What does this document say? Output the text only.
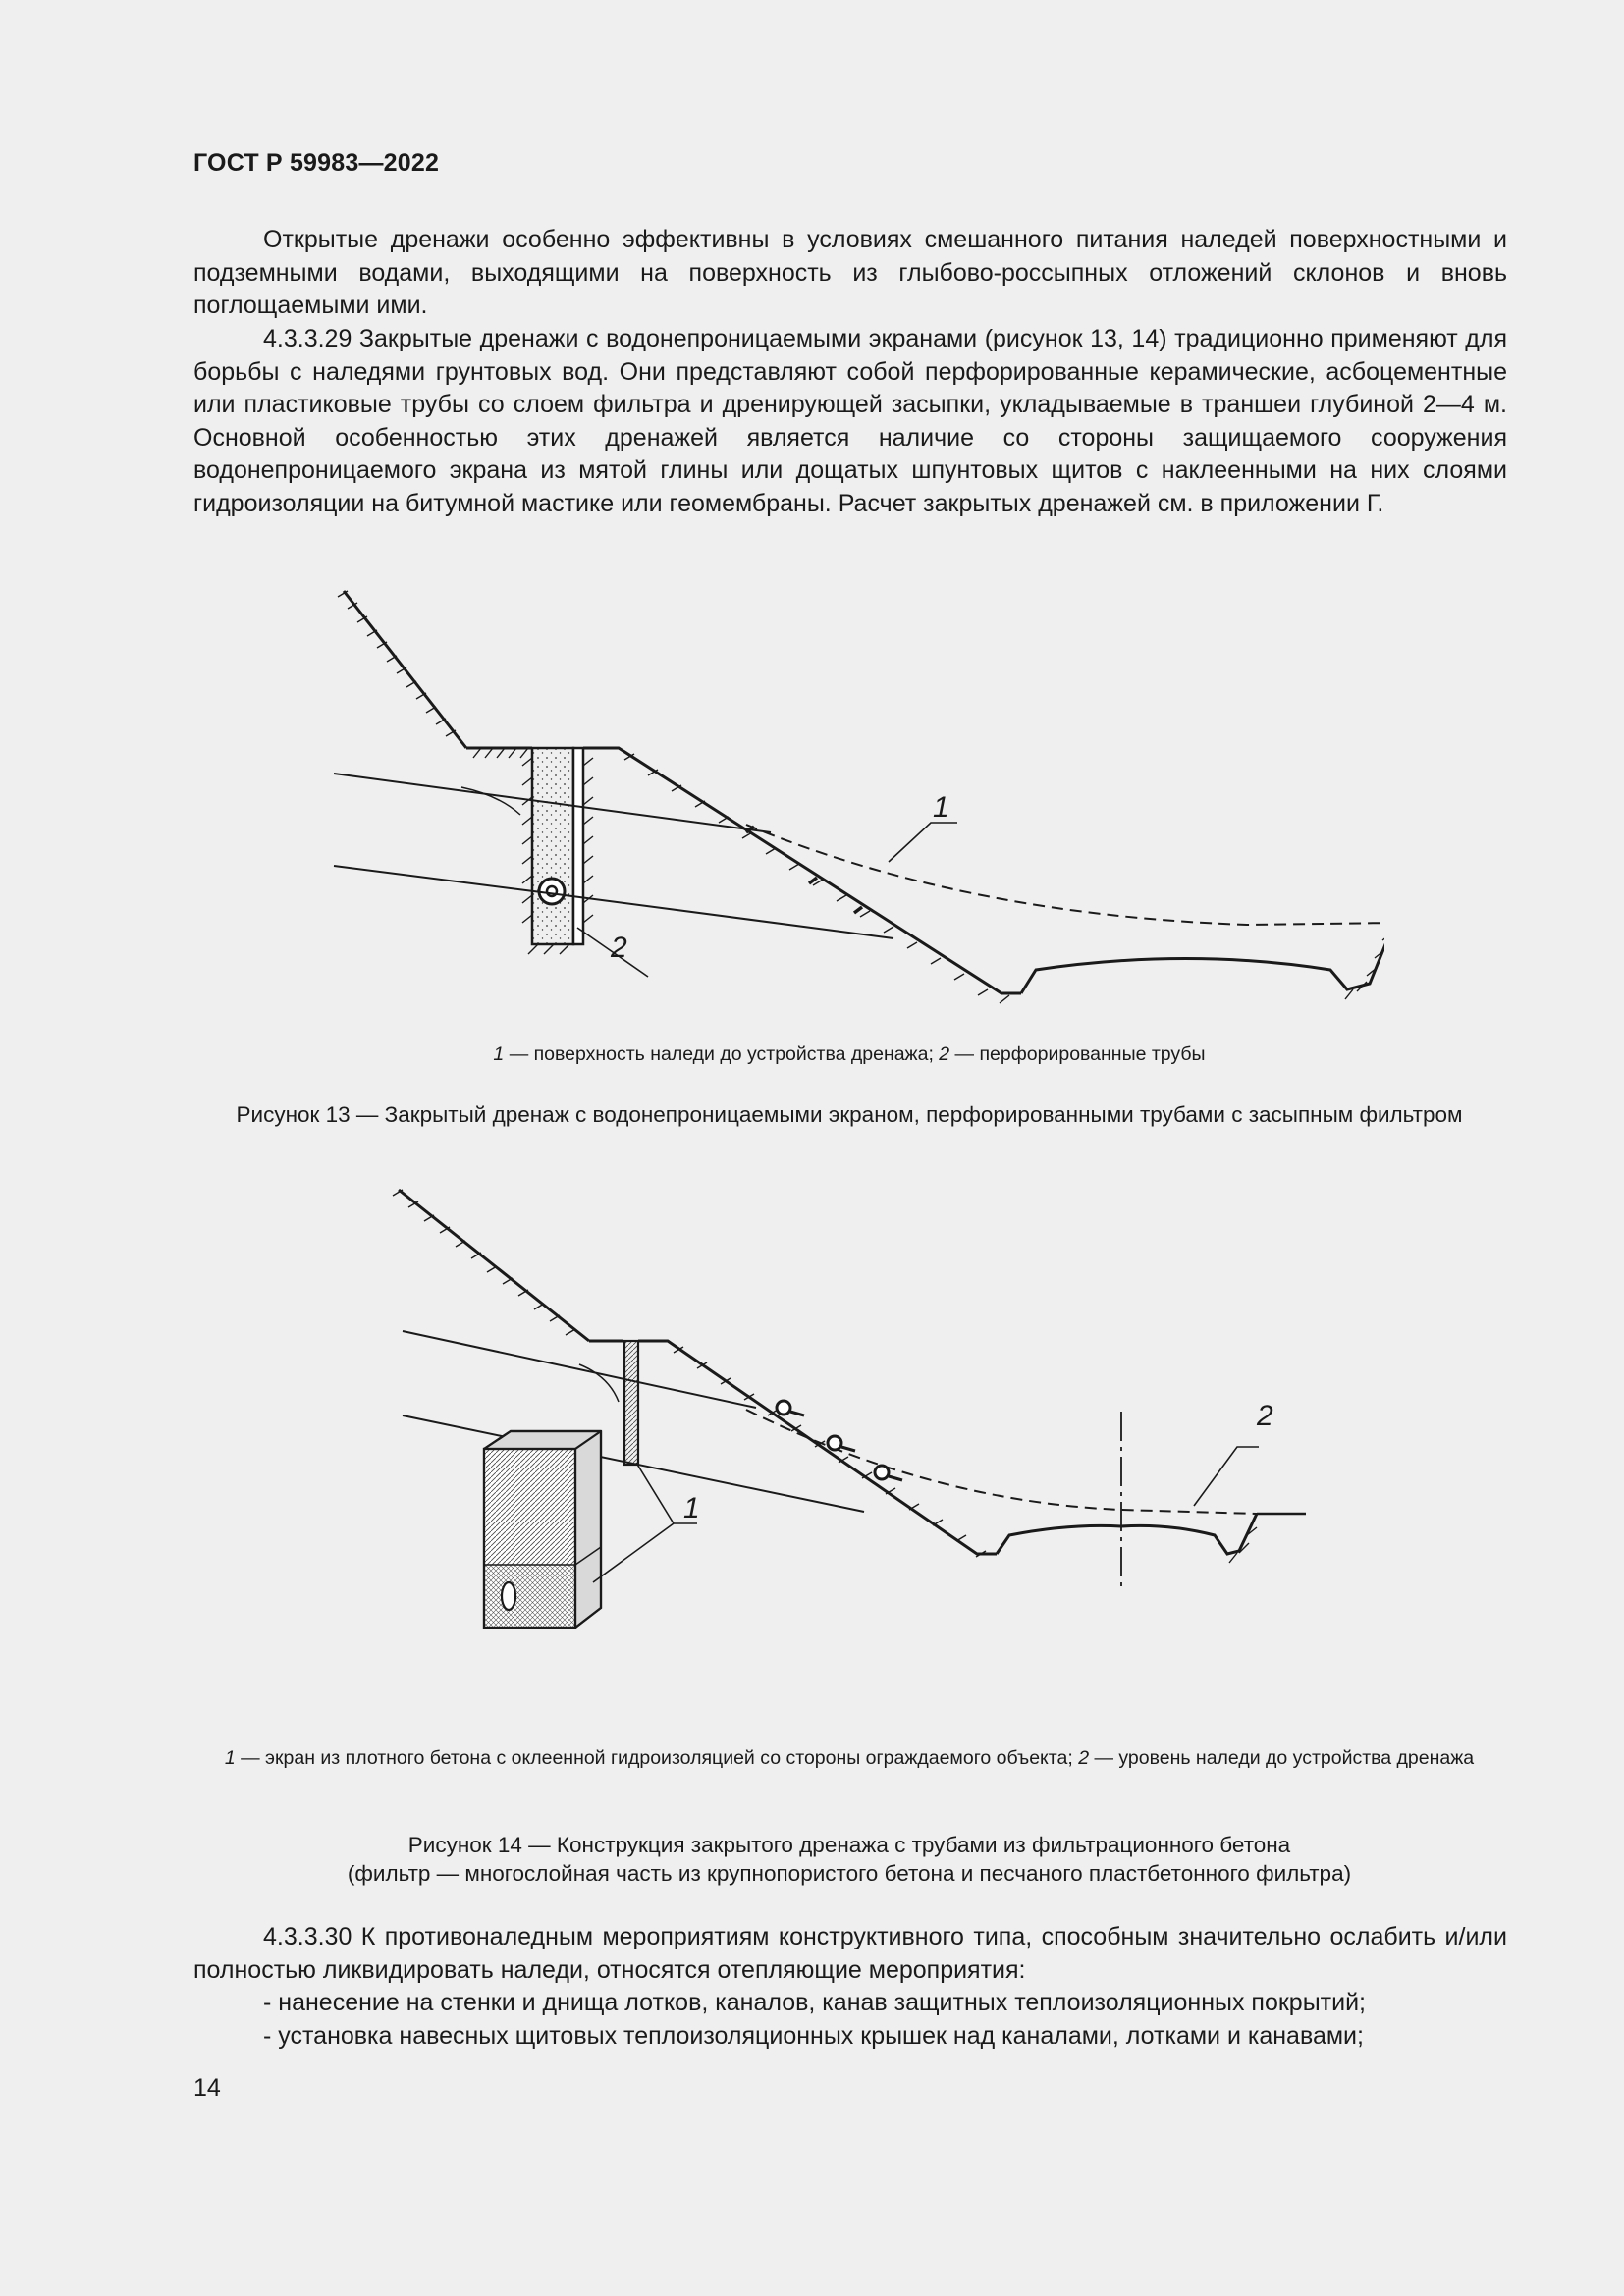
ГОСТ Р 59983—2022

Открытые дренажи особенно эффективны в условиях смешанного питания наледей поверхностными и подземными водами, выходящими на поверхность из глыбово-россыпных отложений склонов и вновь поглощаемыми ими.

4.3.3.29 Закрытые дренажи с водонепроницаемыми экранами (рисунок 13, 14) традиционно применяют для борьбы с наледями грунтовых вод. Они представляют собой перфорированные керамические, асбоцементные или пластиковые трубы со слоем фильтра и дренирующей засыпки, укладываемые в траншеи глубиной 2—4 м. Основной особенностью этих дренажей является наличие со стороны защищаемого сооружения водонепроницаемого экрана из мятой глины или дощатых шпунтовых щитов с наклеенными на них слоями гидроизоляции на битумной мастике или геомембраны. Расчет закрытых дренажей см. в приложении Г.

1
2

1 — поверхность наледи до устройства дренажа; 2 — перфорированные трубы

Рисунок 13 — Закрытый дренаж с водонепроницаемыми экраном, перфорированными трубами с засыпным фильтром

1
2

1 — экран из плотного бетона с оклеенной гидроизоляцией со стороны ограждаемого объекта; 2 — уровень наледи до устройства дренажа

Рисунок 14 — Конструкция закрытого дренажа с трубами из фильтрационного бетона

(фильтр — многослойная часть из крупнопористого бетона и песчаного пластбетонного фильтра)

4.3.3.30 К противоналедным мероприятиям конструктивного типа, способным значительно ослабить и/или полностью ликвидировать наледи, относятся отепляющие мероприятия:

- нанесение на стенки и днища лотков, каналов, канав защитных теплоизоляционных покрытий;

- установка навесных щитовых теплоизоляционных крышек над каналами, лотками и канавами;

14
